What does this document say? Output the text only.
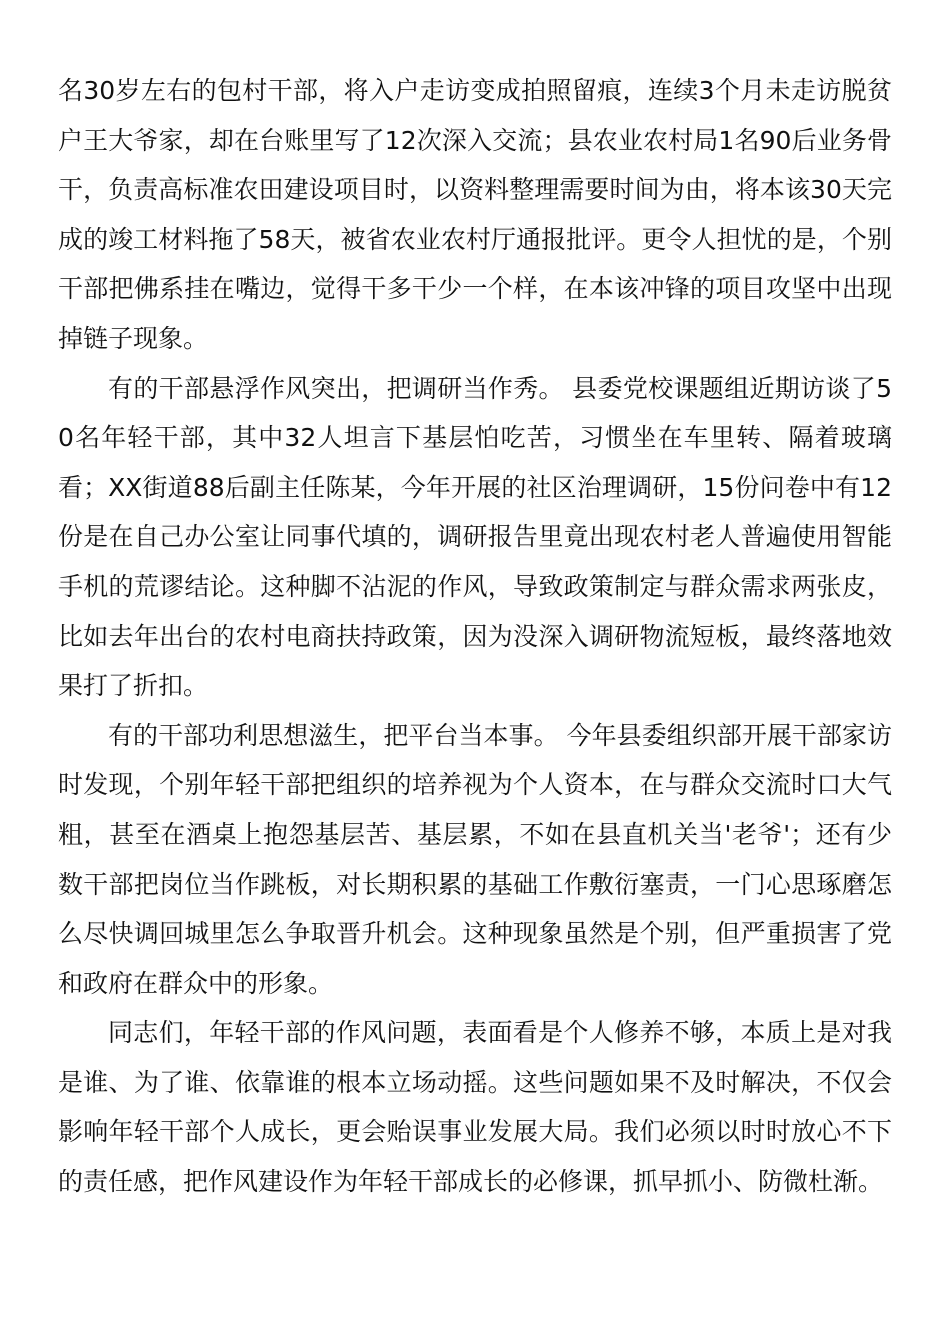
名30岁左右的包村干部，将入户走访变成拍照留痕，连续3个月未走访脱贫户王大爷家，却在台账里写了12次深入交流；县农业农村局1名90后业务骨干，负责高标准农田建设项目时，以资料整理需要时间为由，将本该30天完成的竣工材料拖了58天，被省农业农村厅通报批评。更令人担忧的是，个别干部把佛系挂在嘴边，觉得干多干少一个样，在本该冲锋的项目攻坚中出现掉链子现象。

有的干部悬浮作风突出，把调研当作秀。 县委党校课题组近期访谈了50名年轻干部，其中32人坦言下基层怕吃苦，习惯坐在车里转、隔着玻璃看；XX街道88后副主任陈某，今年开展的社区治理调研，15份问卷中有12份是在自己办公室让同事代填的，调研报告里竟出现农村老人普遍使用智能手机的荒谬结论。这种脚不沾泥的作风，导致政策制定与群众需求两张皮，比如去年出台的农村电商扶持政策，因为没深入调研物流短板，最终落地效果打了折扣。

有的干部功利思想滋生，把平台当本事。 今年县委组织部开展干部家访时发现，个别年轻干部把组织的培养视为个人资本，在与群众交流时口大气粗，甚至在酒桌上抱怨基层苦、基层累，不如在县直机关当'老爷'；还有少数干部把岗位当作跳板，对长期积累的基础工作敷衍塞责，一门心思琢磨怎么尽快调回城里怎么争取晋升机会。这种现象虽然是个别，但严重损害了党和政府在群众中的形象。

同志们，年轻干部的作风问题，表面看是个人修养不够，本质上是对我是谁、为了谁、依靠谁的根本立场动摇。这些问题如果不及时解决，不仅会影响年轻干部个人成长，更会贻误事业发展大局。我们必须以时时放心不下的责任感，把作风建设作为年轻干部成长的必修课，抓早抓小、防微杜渐。
